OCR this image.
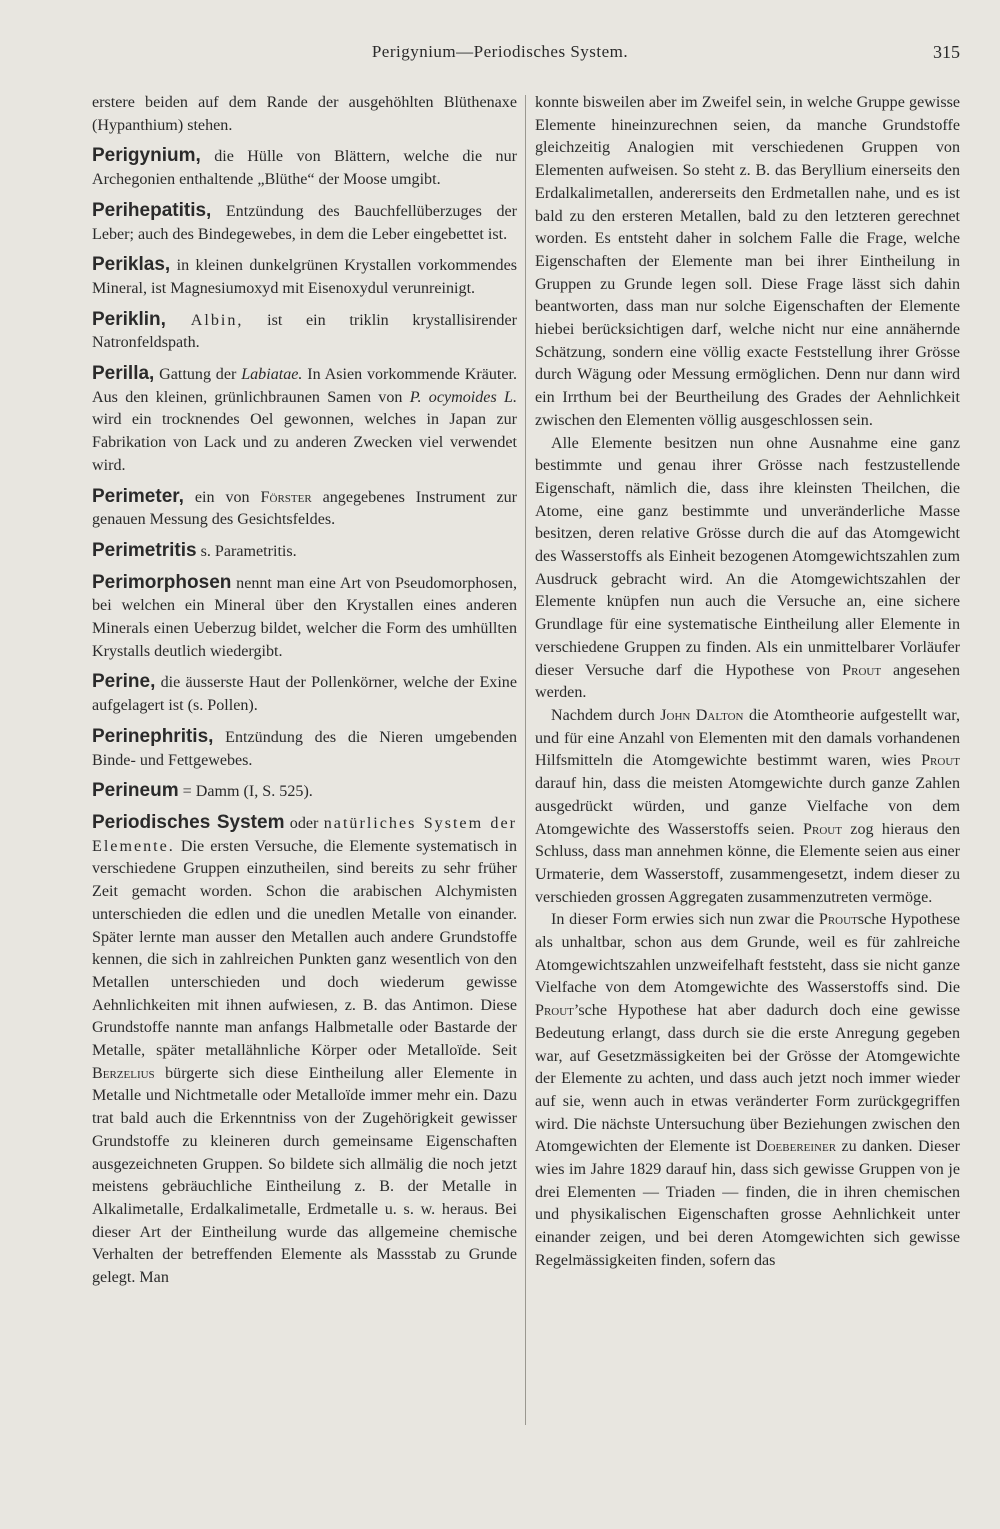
Perigynium—Periodisches System.	315

erstere beiden auf dem Rande der ausgehöhlten Blüthenaxe (Hypanthium) stehen.

Perigynium, die Hülle von Blättern, welche die nur Archegonien enthaltende „Blüthe“ der Moose umgibt.

Perihepatitis, Entzündung des Bauchfellüberzuges der Leber; auch des Bindegewebes, in dem die Leber eingebettet ist.

Periklas, in kleinen dunkelgrünen Krystallen vorkommendes Mineral, ist Magnesiumoxyd mit Eisenoxydul verunreinigt.

Periklin, Albin, ist ein triklin krystallisirender Natronfeldspath.

Perilla, Gattung der Labiatae. In Asien vorkommende Kräuter. Aus den kleinen, grünlichbraunen Samen von P. ocymoides L. wird ein trocknendes Oel gewonnen, welches in Japan zur Fabrikation von Lack und zu anderen Zwecken viel verwendet wird.

Perimeter, ein von Förster angegebenes Instrument zur genauen Messung des Gesichtsfeldes.

Perimetritis s. Parametritis.

Perimorphosen nennt man eine Art von Pseudomorphosen, bei welchen ein Mineral über den Krystallen eines anderen Minerals einen Ueberzug bildet, welcher die Form des umhüllten Krystalls deutlich wiedergibt.

Perine, die äusserste Haut der Pollenkörner, welche der Exine aufgelagert ist (s. Pollen).

Perinephritis, Entzündung des die Nieren umgebenden Binde- und Fettgewebes.

Perineum = Damm (I, S. 525).

Periodisches System oder natürliches System der Elemente. Die ersten Versuche, die Elemente systematisch in verschiedene Gruppen einzutheilen, sind bereits zu sehr früher Zeit gemacht worden. Schon die arabischen Alchymisten unterschieden die edlen und die unedlen Metalle von einander. Später lernte man ausser den Metallen auch andere Grundstoffe kennen, die sich in zahlreichen Punkten ganz wesentlich von den Metallen unterschieden und doch wiederum gewisse Aehnlichkeiten mit ihnen aufwiesen, z. B. das Antimon. Diese Grundstoffe nannte man anfangs Halbmetalle oder Bastarde der Metalle, später metallähnliche Körper oder Metalloïde. Seit Berzelius bürgerte sich diese Eintheilung aller Elemente in Metalle und Nichtmetalle oder Metalloïde immer mehr ein. Dazu trat bald auch die Erkenntniss von der Zugehörigkeit gewisser Grundstoffe zu kleineren durch gemeinsame Eigenschaften ausgezeichneten Gruppen. So bildete sich allmälig die noch jetzt meistens gebräuchliche Eintheilung z. B. der Metalle in Alkalimetalle, Erdalkalimetalle, Erdmetalle u. s. w. heraus. Bei dieser Art der Eintheilung wurde das allgemeine chemische Verhalten der betreffenden Elemente als Massstab zu Grunde gelegt. Man

konnte bisweilen aber im Zweifel sein, in welche Gruppe gewisse Elemente hineinzurechnen seien, da manche Grundstoffe gleichzeitig Analogien mit verschiedenen Gruppen von Elementen aufweisen. So steht z. B. das Beryllium einerseits den Erdalkalimetallen, andererseits den Erdmetallen nahe, und es ist bald zu den ersteren Metallen, bald zu den letzteren gerechnet worden. Es entsteht daher in solchem Falle die Frage, welche Eigenschaften der Elemente man bei ihrer Eintheilung in Gruppen zu Grunde legen soll. Diese Frage lässt sich dahin beantworten, dass man nur solche Eigenschaften der Elemente hiebei berücksichtigen darf, welche nicht nur eine annähernde Schätzung, sondern eine völlig exacte Feststellung ihrer Grösse durch Wägung oder Messung ermöglichen. Denn nur dann wird ein Irrthum bei der Beurtheilung des Grades der Aehnlichkeit zwischen den Elementen völlig ausgeschlossen sein.

Alle Elemente besitzen nun ohne Ausnahme eine ganz bestimmte und genau ihrer Grösse nach festzustellende Eigenschaft, nämlich die, dass ihre kleinsten Theilchen, die Atome, eine ganz bestimmte und unveränderliche Masse besitzen, deren relative Grösse durch die auf das Atomgewicht des Wasserstoffs als Einheit bezogenen Atomgewichtszahlen zum Ausdruck gebracht wird. An die Atomgewichtszahlen der Elemente knüpfen nun auch die Versuche an, eine sichere Grundlage für eine systematische Eintheilung aller Elemente in verschiedene Gruppen zu finden. Als ein unmittelbarer Vorläufer dieser Versuche darf die Hypothese von Prout angesehen werden.

Nachdem durch John Dalton die Atomtheorie aufgestellt war, und für eine Anzahl von Elementen mit den damals vorhandenen Hilfsmitteln die Atomgewichte bestimmt waren, wies Prout darauf hin, dass die meisten Atomgewichte durch ganze Zahlen ausgedrückt würden, und ganze Vielfache von dem Atomgewichte des Wasserstoffs seien. Prout zog hieraus den Schluss, dass man annehmen könne, die Elemente seien aus einer Urmaterie, dem Wasserstoff, zusammengesetzt, indem dieser zu verschieden grossen Aggregaten zusammenzutreten vermöge.

In dieser Form erwies sich nun zwar die Proutsche Hypothese als unhaltbar, schon aus dem Grunde, weil es für zahlreiche Atomgewichtszahlen unzweifelhaft feststeht, dass sie nicht ganze Vielfache von dem Atomgewichte des Wasserstoffs sind. Die Prout’sche Hypothese hat aber dadurch doch eine gewisse Bedeutung erlangt, dass durch sie die erste Anregung gegeben war, auf Gesetzmässigkeiten bei der Grösse der Atomgewichte der Elemente zu achten, und dass auch jetzt noch immer wieder auf sie, wenn auch in etwas veränderter Form zurückgegriffen wird. Die nächste Untersuchung über Beziehungen zwischen den Atomgewichten der Elemente ist Doebereiner zu danken. Dieser wies im Jahre 1829 darauf hin, dass sich gewisse Gruppen von je drei Elementen — Triaden — finden, die in ihren chemischen und physikalischen Eigenschaften grosse Aehnlichkeit unter einander zeigen, und bei deren Atomgewichten sich gewisse Regelmässigkeiten finden, sofern das
